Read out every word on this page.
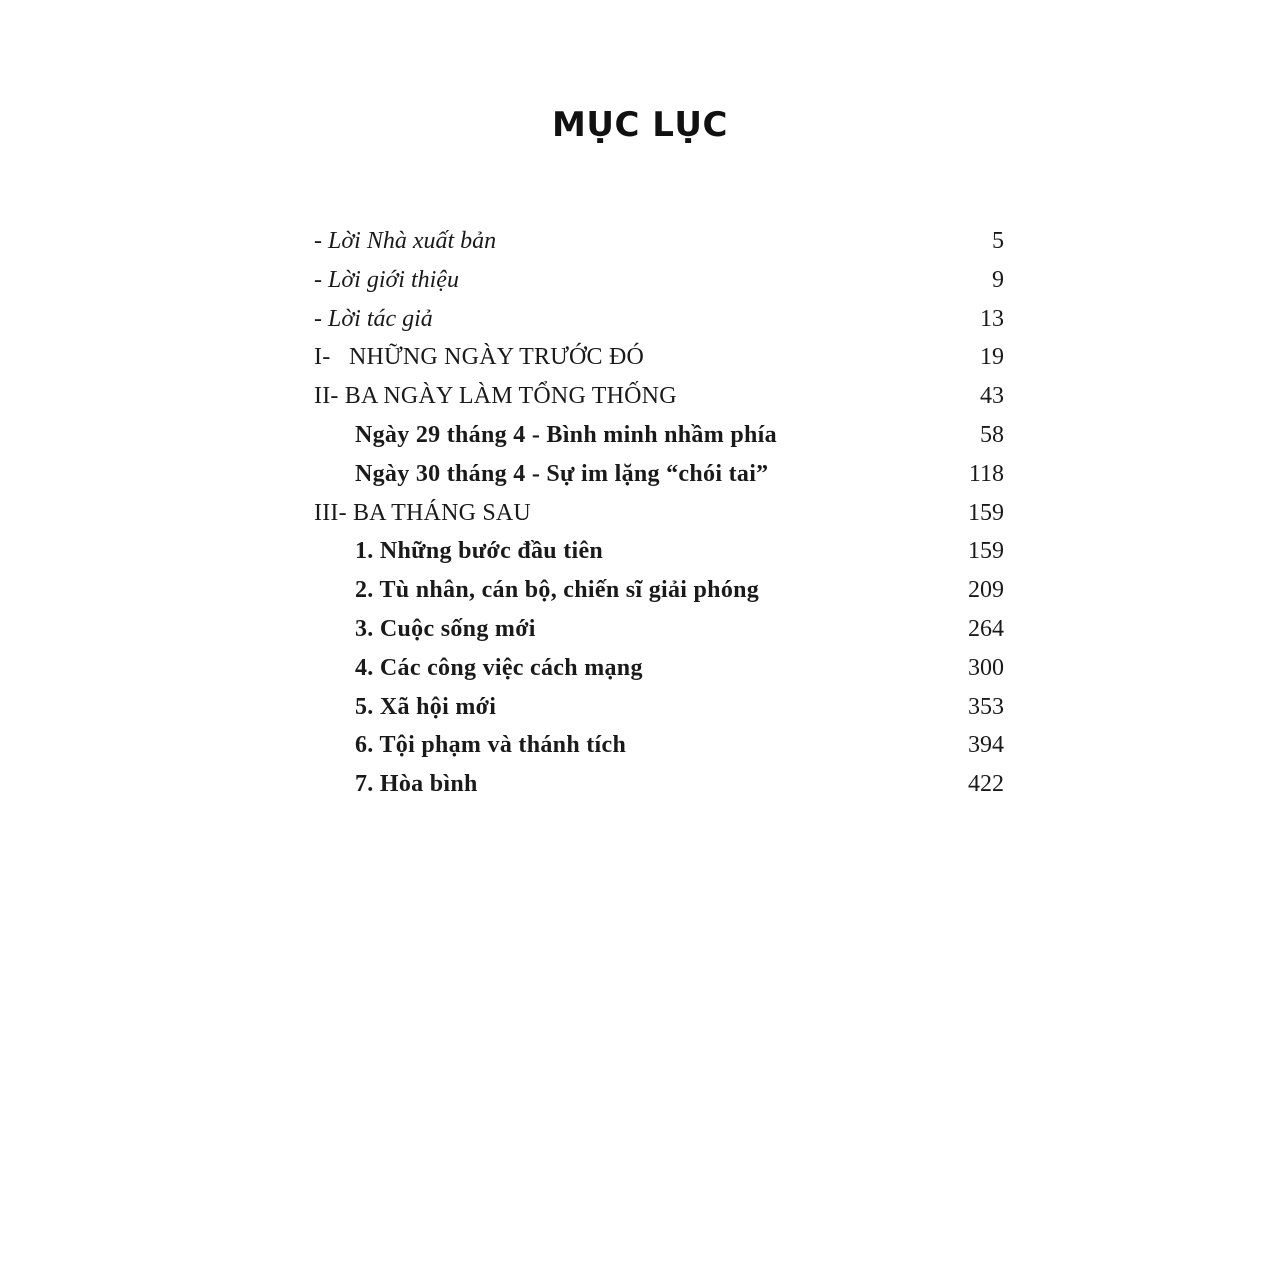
MỤC LỤC
- Lời Nhà xuất bản	5
- Lời giới thiệu	9
- Lời tác giả	13
I-   NHỮNG NGÀY TRƯỚC ĐÓ	19
II- BA NGÀY LÀM TỔNG THỐNG	43
Ngày 29 tháng 4 - Bình minh nhầm phía	58
Ngày 30 tháng 4 - Sự im lặng “chói tai”	118
III- BA THÁNG SAU	159
1. Những bước đầu tiên	159
2. Tù nhân, cán bộ, chiến sĩ giải phóng	209
3. Cuộc sống mới	264
4. Các công việc cách mạng	300
5. Xã hội mới	353
6. Tội phạm và thánh tích	394
7. Hòa bình	422
